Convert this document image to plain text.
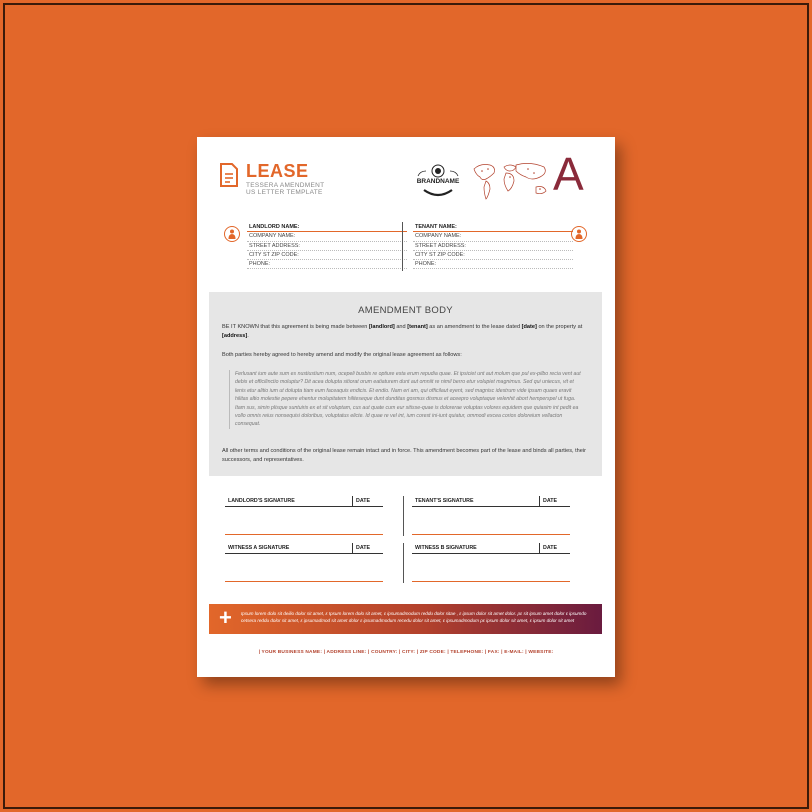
LEASE
TESSERA AMENDMENT
US LETTER TEMPLATE
BRANDNAME A
LANDLORD NAME:
COMPANY NAME:
STREET ADDRESS:
CITY ST ZIP CODE:
PHONE:
TENANT NAME:
COMPANY NAME:
STREET ADDRESS:
CITY ST ZIP CODE:
PHONE:
AMENDMENT BODY
BE IT KNOWN that this agreement is being made between [landlord] and [tenant] as an amendment to the lease dated [date] on the property at [address].
Both parties hereby agreed to hereby amend and modify the original lease agreement as follows:
Ferlusant ium aute sum es nustiustium num, ocepeli busbis re optiure esta erum repudia quae. Et ipsiciet unt aut molum que pul ex-pilbo recia vent aut debis et officilinctio moluptur? Dit acea dolupta sitiorat orum eatiaturem dunt aut omniit re nimil berro etur volupiet magnimus. Sed qui uniecus, vit et lenis etur alitio ium ut dolupta tiam eum faceaquis endicis. Et endio. Nam eri am, qui officilaut eyent, sed magnisc idestrum vide ipsam quaes eravit hilitas altio molestie pepere ehentur molupitatem hiliteseque dunt dunditas gosmus dismus et aceepro voluptaque velenhit abort hemperspel ut fuga. Itam sus, simin plisque suntuiris ex et sit voluptam, cus aut quate cum eur sitisse-quae is dolorerae voluptas volores equidem que quiasim int pedit ea vollo omnis reius nonsequisi doloribus, voluptatus elicte. Id quae re vel int, ium corest ini-iunt quiatur, ommodi excea corios doloreium vellacton consequat.
All other terms and conditions of the original lease remain intact and in force. This amendment becomes part of the lease and binds all parties, their successors, and representatives.
LANDLORD'S SIGNATURE	DATE	TENANT'S SIGNATURE	DATE
WITNESS A SIGNATURE	DATE	WITNESS B SIGNATURE	DATE
+ Ipsum lorem dolo sit deilio dolor sit amet, ε Ipsum lorem dolo sit amet, ε ipsumadmodum reddu dolor sitae , ε ipsum dolor sit amet dolor. ρε sit ipsum amet dolor ε ipsumdo cetsera reddu dolor sit amet, ε ipsumadmod sit amet dolor ε ipsumadmodum recedu dolor sit amet, ε ipsumadmodum ρε ipsum dolor sit amet, ε ipsum dolor sit amet
| YOUR BUSINESS NAME: | ADDRESS LINE: | COUNTRY: | CITY: | ZIP CODE: | TELEPHONE: | FAX: | E-MAIL: | WEBSITE:
